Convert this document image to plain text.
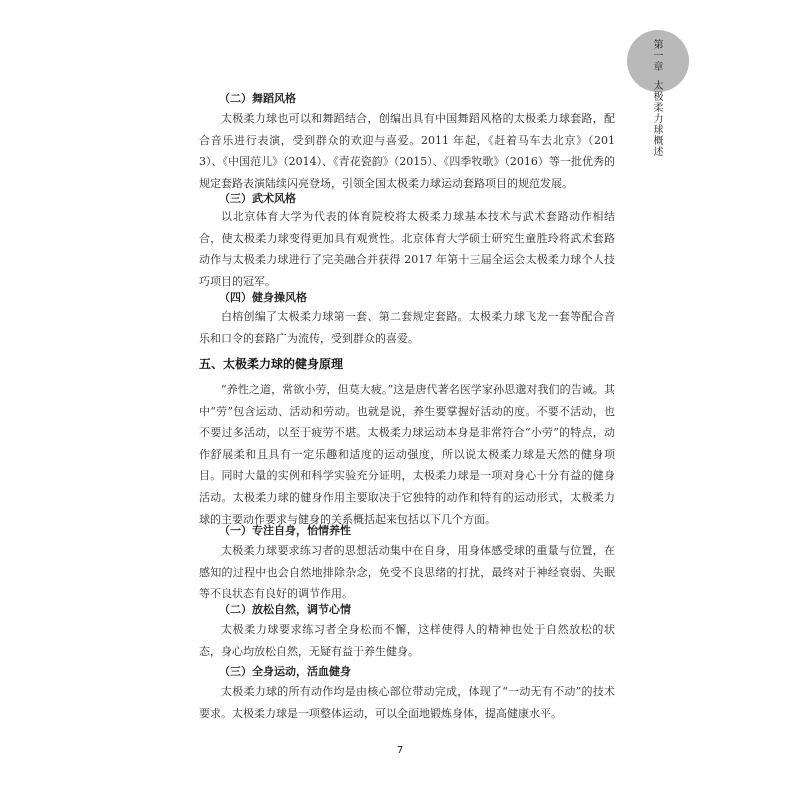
第一章
太极柔力球概述

（二）舞蹈风格

太极柔力球也可以和舞蹈结合，创编出具有中国舞蹈风格的太极柔力球套路，配合音乐进行表演，受到群众的欢迎与喜爱。2011 年起，《赶着马车去北京》（2013）、《中国范儿》（2014）、《青花瓷韵》（2015）、《四季牧歌》（2016）等一批优秀的规定套路表演陆续闪亮登场，引领全国太极柔力球运动套路项目的规范发展。

（三）武术风格

以北京体育大学为代表的体育院校将太极柔力球基本技术与武术套路动作相结合，使太极柔力球变得更加具有观赏性。北京体育大学硕士研究生童胜玲将武术套路动作与太极柔力球进行了完美融合并获得 2017 年第十三届全运会太极柔力球个人技巧项目的冠军。

（四）健身操风格

白榕创编了太极柔力球第一套、第二套规定套路。太极柔力球飞龙一套等配合音乐和口令的套路广为流传，受到群众的喜爱。

五、太极柔力球的健身原理

“养性之道，常欲小劳，但莫大疲。”这是唐代著名医学家孙思邈对我们的告诫。其中“劳”包含运动、活动和劳动。也就是说，养生要掌握好活动的度。不要不活动，也不要过多活动，以至于疲劳不堪。太极柔力球运动本身是非常符合“小劳”的特点，动作舒展柔和且具有一定乐趣和适度的运动强度，所以说太极柔力球是天然的健身项目。同时大量的实例和科学实验充分证明，太极柔力球是一项对身心十分有益的健身活动。太极柔力球的健身作用主要取决于它独特的动作和特有的运动形式，太极柔力球的主要动作要求与健身的关系概括起来包括以下几个方面。

（一）专注自身，怡情养性

太极柔力球要求练习者的思想活动集中在自身，用身体感受球的重量与位置，在感知的过程中也会自然地排除杂念，免受不良思绪的打扰，最终对于神经衰弱、失眠等不良状态有良好的调节作用。

（二）放松自然，调节心情

太极柔力球要求练习者全身松而不懈，这样使得人的精神也处于自然放松的状态，身心均放松自然，无疑有益于养生健身。

（三）全身运动，活血健身

太极柔力球的所有动作均是由核心部位带动完成，体现了“一动无有不动”的技术要求。太极柔力球是一项整体运动，可以全面地锻炼身体，提高健康水平。

7
